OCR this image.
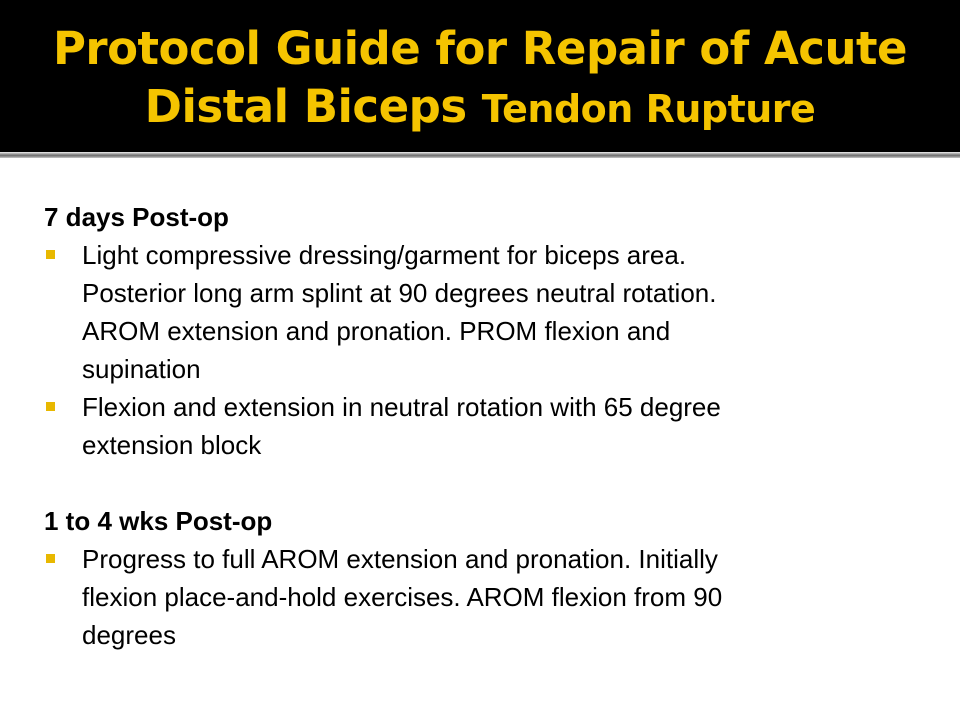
Protocol Guide for Repair of Acute
Distal Biceps Tendon Rupture

7 days Post-op

Light compressive dressing/garment for biceps area.
Posterior long arm splint at 90 degrees neutral rotation.
AROM extension and pronation. PROM flexion and
supination
Flexion and extension in neutral rotation with 65 degree
extension block

1 to 4 wks Post-op

Progress to full AROM extension and pronation. Initially
flexion place-and-hold exercises. AROM flexion from 90
degrees
